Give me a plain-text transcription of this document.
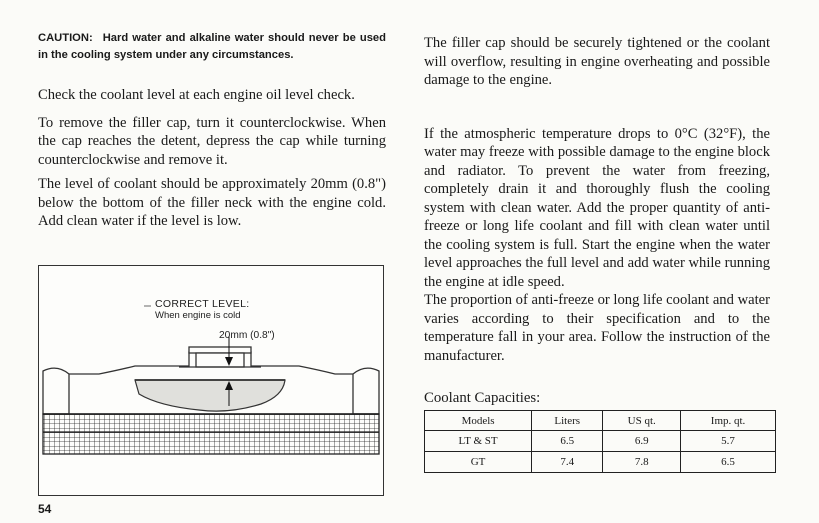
CAUTION: Hard water and alkaline water should never be used in the cooling system under any circumstances.

Check the coolant level at each engine oil level check.

To remove the filler cap, turn it counterclockwise. When the cap reaches the detent, depress the cap while turning counterclockwise and remove it.

The level of coolant should be approximately 20mm (0.8") below the bottom of the filler neck with the engine cold. Add clean water if the level is low.

CORRECT LEVEL:
When engine is cold
20mm (0.8")
54

The filler cap should be securely tightened or the coolant will overflow, resulting in engine overheating and possible damage to the engine.

If the atmospheric temperature drops to 0°C (32°F), the water may freeze with possible damage to the engine block and radiator. To prevent the water from freezing, completely drain it and thoroughly flush the cooling system with clean water. Add the proper quantity of anti-freeze or long life coolant and fill with clean water until the cooling system is full. Start the engine when the water level approaches the full level and add water while running the engine at idle speed.

The proportion of anti-freeze or long life coolant and water varies according to their specification and to the temperature fall in your area. Follow the instruction of the manufacturer.

Coolant Capacities:
Models	Liters	US qt.	Imp. qt.
LT & ST	6.5	6.9	5.7
GT	7.4	7.8	6.5
